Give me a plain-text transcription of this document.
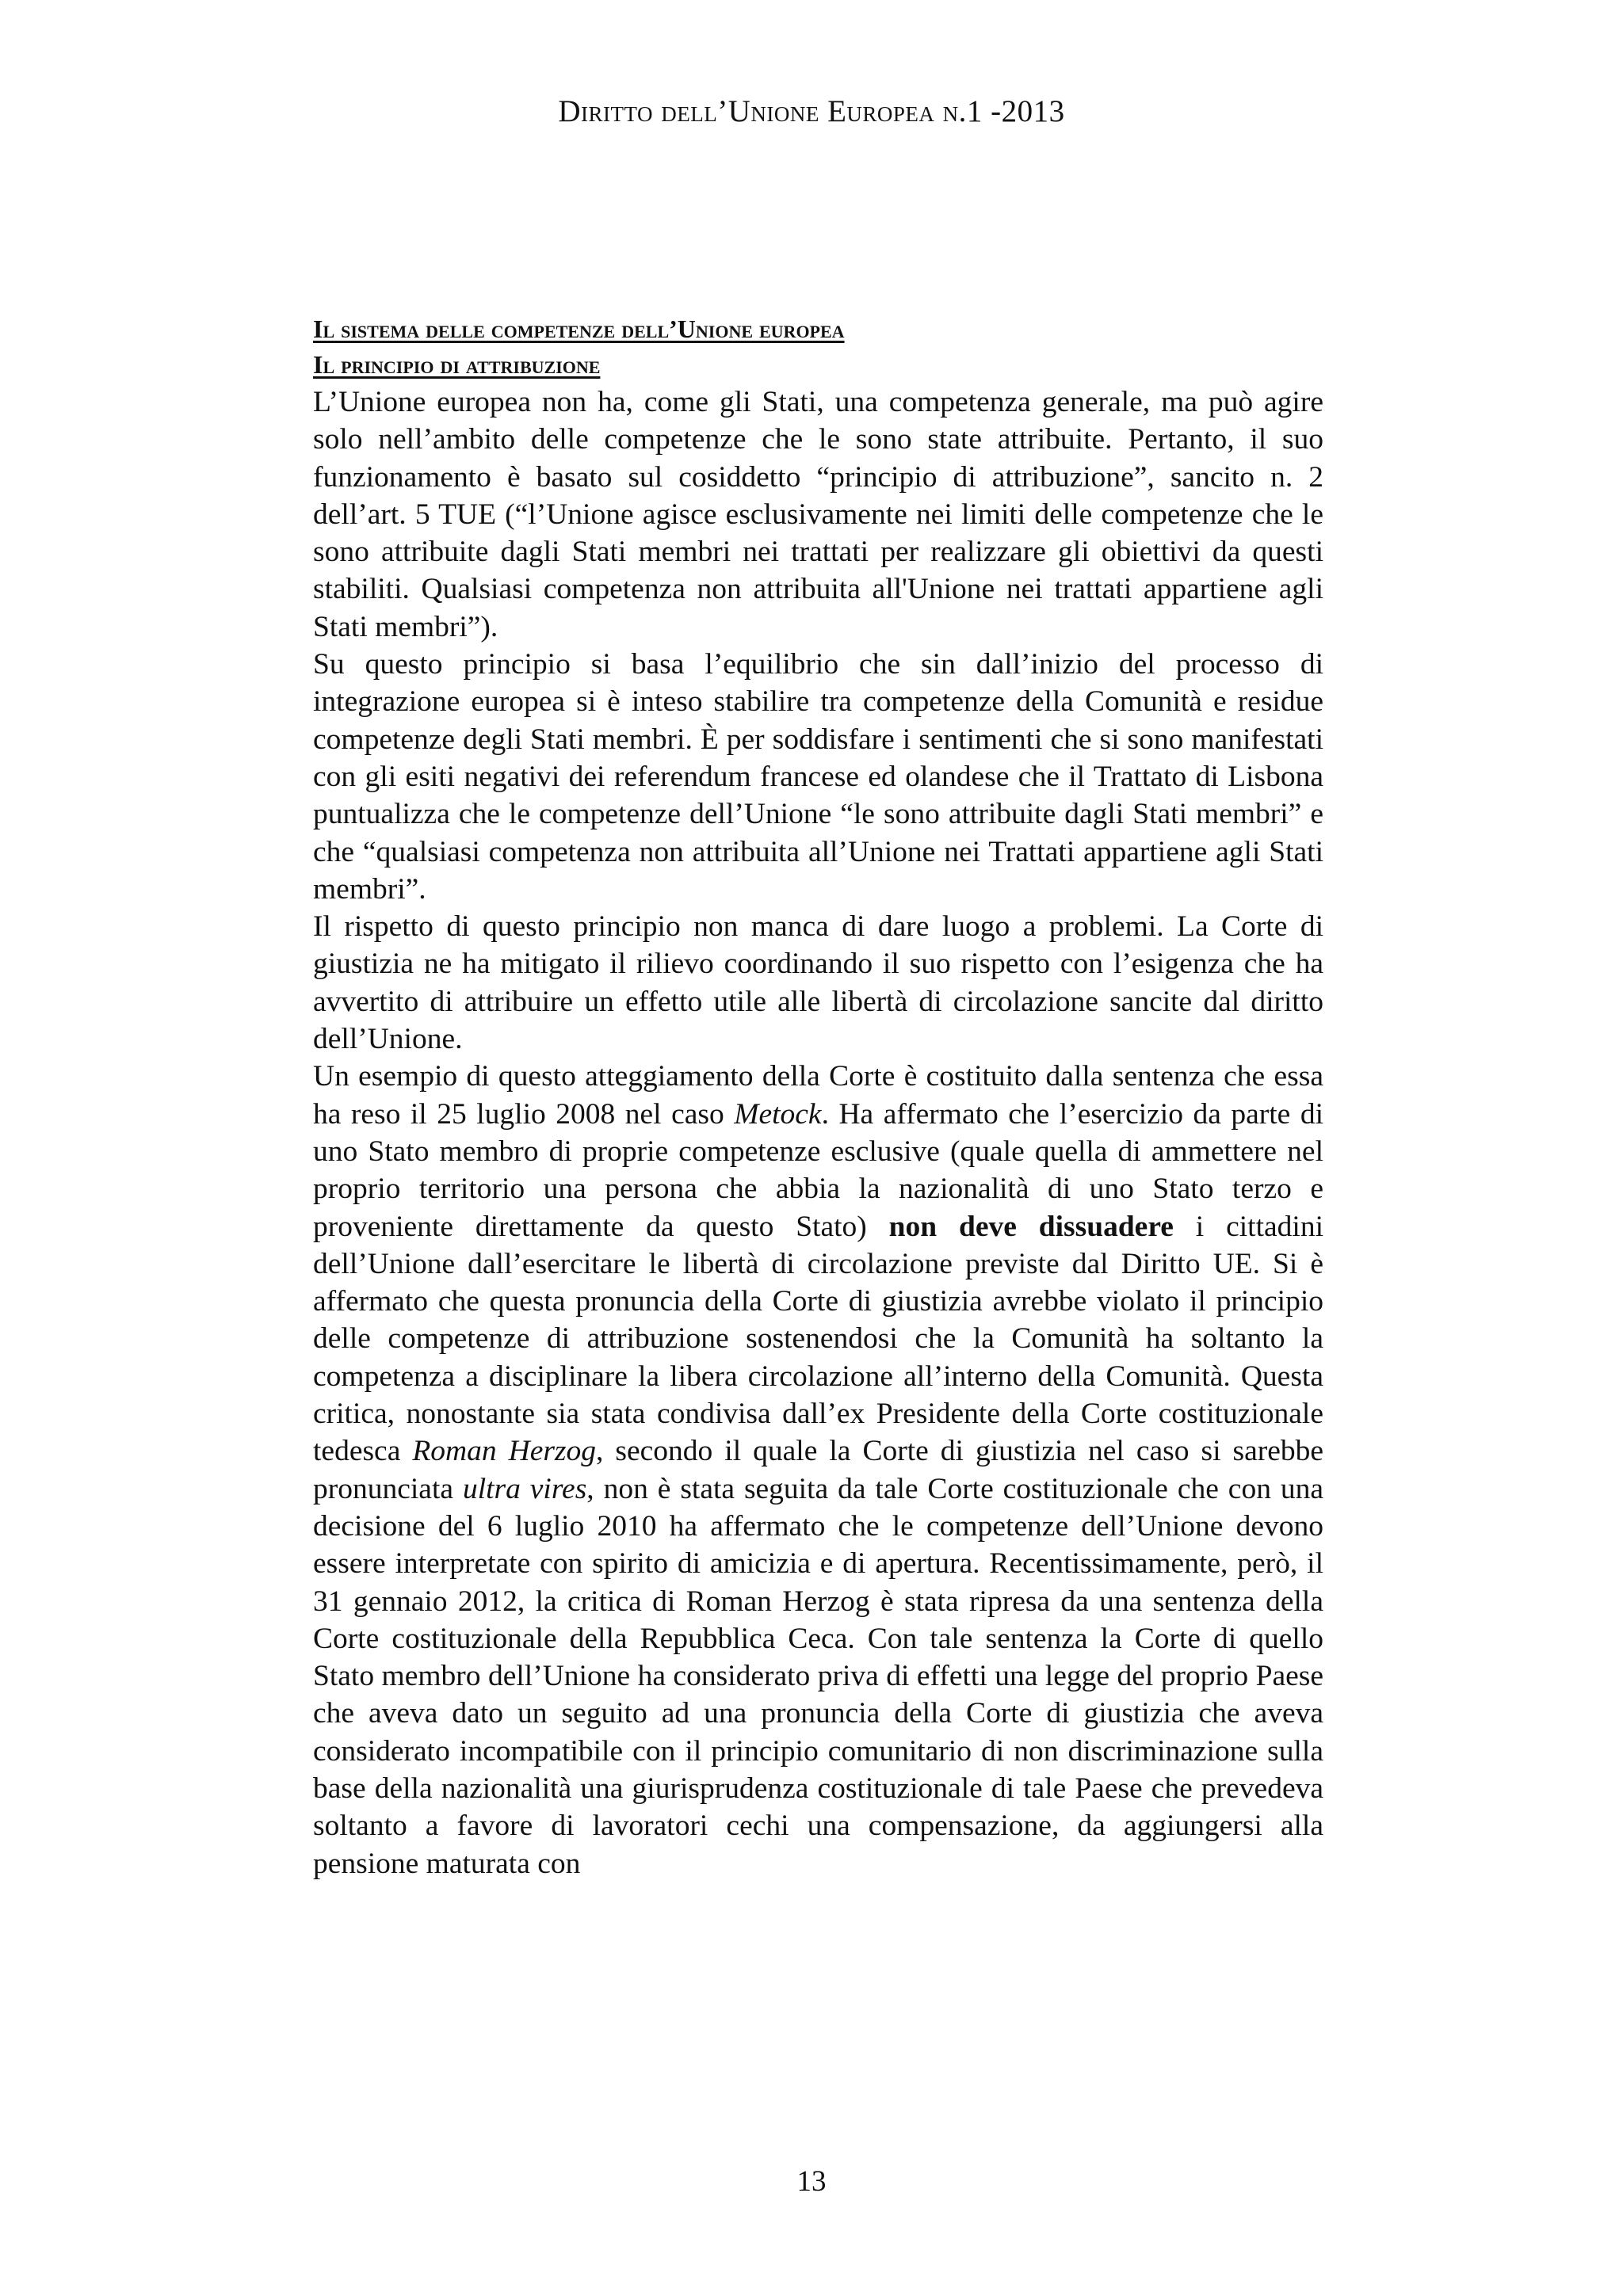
Diritto dell’Unione Europea n.1 -2013
Il sistema delle competenze dell’Unione europea
Il principio di attribuzione

L’Unione europea non ha, come gli Stati, una competenza generale, ma può agire solo nell’ambito delle competenze che le sono state attribuite. Pertanto, il suo funzionamento è basato sul cosiddetto “principio di attribuzione”, sancito n. 2 dell’art. 5 TUE (“l’Unione agisce esclusivamente nei limiti delle competenze che le sono attribuite dagli Stati membri nei trattati per realizzare gli obiettivi da questi stabiliti. Qualsiasi competenza non attribuita all'Unione nei trattati appartiene agli Stati membri”).

Su questo principio si basa l’equilibrio che sin dall’inizio del processo di integrazione europea si è inteso stabilire tra competenze della Comunità e residue competenze degli Stati membri. È per soddisfare i sentimenti che si sono manifestati con gli esiti negativi dei referendum francese ed olandese che il Trattato di Lisbona puntualizza che le competenze dell’Unione “le sono attribuite dagli Stati membri” e che “qualsiasi competenza non attribuita all’Unione nei Trattati appartiene agli Stati membri”.

Il rispetto di questo principio non manca di dare luogo a problemi. La Corte di giustizia ne ha mitigato il rilievo coordinando il suo rispetto con l’esigenza che ha avvertito di attribuire un effetto utile alle libertà di circolazione sancite dal diritto dell’Unione.

Un esempio di questo atteggiamento della Corte è costituito dalla sentenza che essa ha reso il 25 luglio 2008 nel caso Metock. Ha affermato che l’esercizio da parte di uno Stato membro di proprie competenze esclusive (quale quella di ammettere nel proprio territorio una persona che abbia la nazionalità di uno Stato terzo e proveniente direttamente da questo Stato) non deve dissuadere i cittadini dell’Unione dall’esercitare le libertà di circolazione previste dal Diritto UE. Si è affermato che questa pronuncia della Corte di giustizia avrebbe violato il principio delle competenze di attribuzione sostenendosi che la Comunità ha soltanto la competenza a disciplinare la libera circolazione all’interno della Comunità. Questa critica, nonostante sia stata condivisa dall’ex Presidente della Corte costituzionale tedesca Roman Herzog, secondo il quale la Corte di giustizia nel caso si sarebbe pronunciata ultra vires, non è stata seguita da tale Corte costituzionale che con una decisione del 6 luglio 2010 ha affermato che le competenze dell’Unione devono essere interpretate con spirito di amicizia e di apertura. Recentissimamente, però, il 31 gennaio 2012, la critica di Roman Herzog è stata ripresa da una sentenza della Corte costituzionale della Repubblica Ceca. Con tale sentenza la Corte di quello Stato membro dell’Unione ha considerato priva di effetti una legge del proprio Paese che aveva dato un seguito ad una pronuncia della Corte di giustizia che aveva considerato incompatibile con il principio comunitario di non discriminazione sulla base della nazionalità una giurisprudenza costituzionale di tale Paese che prevedeva soltanto a favore di lavoratori cechi una compensazione, da aggiungersi alla pensione maturata con

13
